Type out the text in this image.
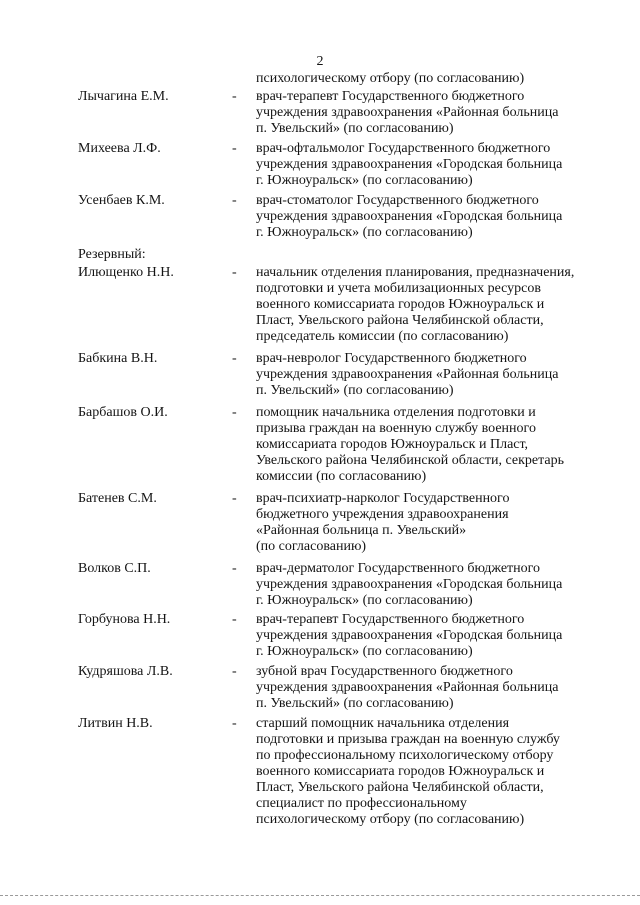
2
психологическому отбору (по согласованию)
Лычагина Е.М.	- врач-терапевт Государственного бюджетного
учреждения здравоохранения «Районная больница
п. Увельский» (по согласованию)
Михеева Л.Ф.	- врач-офтальмолог Государственного бюджетного
учреждения здравоохранения «Городская больница
г. Южноуральск» (по согласованию)
Усенбаев К.М.	- врач-стоматолог Государственного бюджетного
учреждения здравоохранения «Городская больница
г. Южноуральск» (по согласованию)
Резервный:
Илющенко Н.Н.	- начальник отделения планирования, предназначения,
подготовки и учета мобилизационных ресурсов
военного комиссариата городов Южноуральск и
Пласт, Увельского района Челябинской области,
председатель комиссии (по согласованию)
Бабкина В.Н.	- врач-невролог Государственного бюджетного
учреждения здравоохранения «Районная больница
п. Увельский» (по согласованию)
Барбашов О.И.	- помощник начальника отделения подготовки и
призыва граждан на военную службу военного
комиссариата городов Южноуральск и Пласт,
Увельского района Челябинской области, секретарь
комиссии (по согласованию)
Батенев С.М.	- врач-психиатр-нарколог Государственного
бюджетного учреждения здравоохранения
«Районная больница п. Увельский»
(по согласованию)
Волков С.П.	- врач-дерматолог Государственного бюджетного
учреждения здравоохранения «Городская больница
г. Южноуральск» (по согласованию)
Горбунова Н.Н.	- врач-терапевт Государственного бюджетного
учреждения здравоохранения «Городская больница
г. Южноуральск» (по согласованию)
Кудряшова Л.В.	- зубной врач Государственного бюджетного
учреждения здравоохранения «Районная больница
п. Увельский» (по согласованию)
Литвин Н.В.	- старший помощник начальника отделения
подготовки и призыва граждан на военную службу
по профессиональному психологическому отбору
военного комиссариата городов Южноуральск и
Пласт, Увельского района Челябинской области,
специалист по профессиональному
психологическому отбору (по согласованию)
